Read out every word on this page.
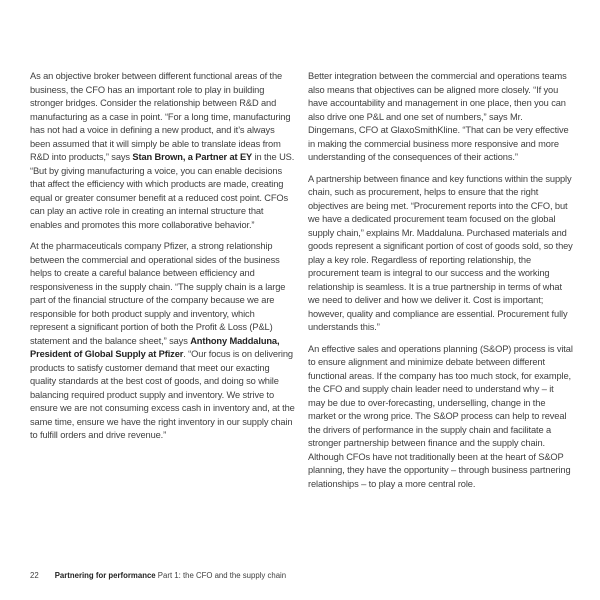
As an objective broker between different functional areas of the business, the CFO has an important role to play in building stronger bridges. Consider the relationship between R&D and manufacturing as a case in point. “For a long time, manufacturing has not had a voice in defining a new product, and it’s always been assumed that it will simply be able to translate ideas from R&D into products,” says Stan Brown, a Partner at EY in the US. “But by giving manufacturing a voice, you can enable decisions that affect the efficiency with which products are made, creating equal or greater consumer benefit at a reduced cost point. CFOs can play an active role in creating an internal structure that enables and promotes this more collaborative behavior.”

At the pharmaceuticals company Pfizer, a strong relationship between the commercial and operational sides of the business helps to create a careful balance between efficiency and responsiveness in the supply chain. “The supply chain is a large part of the financial structure of the company because we are responsible for both product supply and inventory, which represent a significant portion of both the Profit & Loss (P&L) statement and the balance sheet,” says Anthony Maddaluna, President of Global Supply at Pfizer. “Our focus is on delivering products to satisfy customer demand that meet our exacting quality standards at the best cost of goods, and doing so while balancing required product supply and inventory. We strive to ensure we are not consuming excess cash in inventory and, at the same time, ensure we have the right inventory in our supply chain to fulfill orders and drive revenue.”

Better integration between the commercial and operations teams also means that objectives can be aligned more closely. “If you have accountability and management in one place, then you can also drive one P&L and one set of numbers,” says Mr. Dingemans, CFO at GlaxoSmithKline. “That can be very effective in making the commercial business more responsive and more understanding of the consequences of their actions.”

A partnership between finance and key functions within the supply chain, such as procurement, helps to ensure that the right objectives are being met. “Procurement reports into the CFO, but we have a dedicated procurement team focused on the global supply chain,” explains Mr. Maddaluna. Purchased materials and goods represent a significant portion of cost of goods sold, so they play a key role. Regardless of reporting relationship, the procurement team is integral to our success and the working relationship is seamless. It is a true partnership in terms of what we need to deliver and how we deliver it. Cost is important; however, quality and compliance are essential. Procurement fully understands this.”

An effective sales and operations planning (S&OP) process is vital to ensure alignment and minimize debate between different functional areas. If the company has too much stock, for example, the CFO and supply chain leader need to understand why – it may be due to over-forecasting, underselling, change in the market or the wrong price. The S&OP process can help to reveal the drivers of performance in the supply chain and facilitate a stronger partnership between finance and the supply chain. Although CFOs have not traditionally been at the heart of S&OP planning, they have the opportunity – through business partnering relationships – to play a more central role.

22 Partnering for performance Part 1: the CFO and the supply chain
